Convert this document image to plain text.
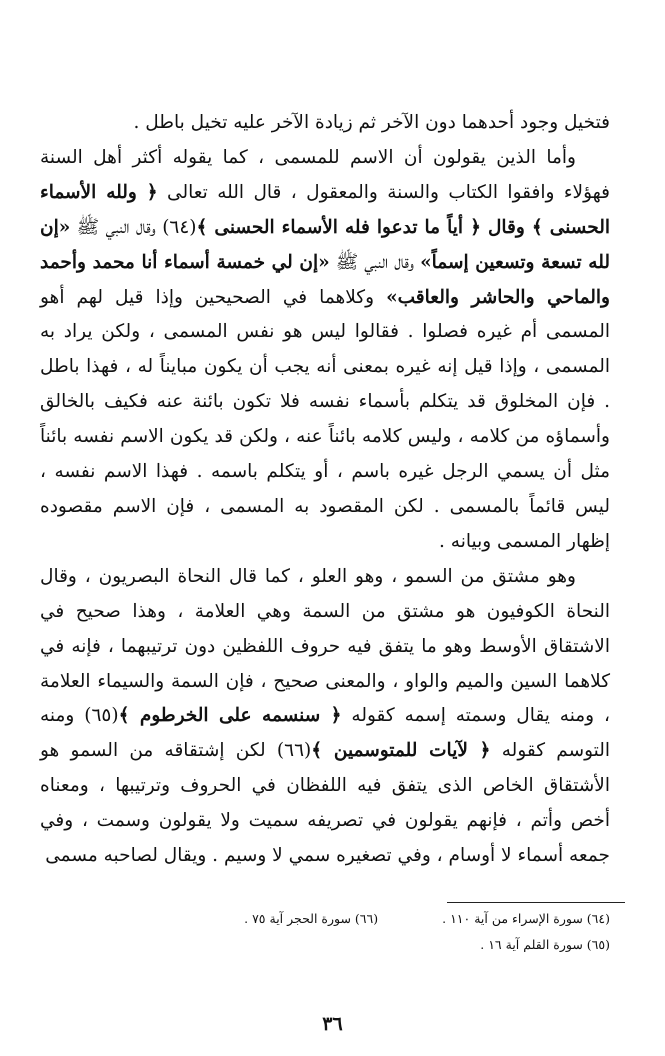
فتخيل وجود أحدهما دون الآخر ثم زيادة الآخر عليه تخيل باطل .

وأما الذين يقولون أن الاسم للمسمى ، كما يقوله أكثر أهل السنة فهؤلاء وافقوا الكتاب والسنة والمعقول ، قال الله تعالى ﴿ ولله الأسماء الحسنى ﴾ وقال ﴿ أياً ما تدعوا فله الأسماء الحسنى ﴾(٦٤) وقال النبي ﷺ «إن لله تسعة وتسعين إسماً» وقال النبي ﷺ «إن لي خمسة أسماء أنا محمد وأحمد والماحي والحاشر والعاقب» وكلاهما في الصحيحين وإذا قيل لهم أهو المسمى أم غيره فصلوا . فقالوا ليس هو نفس المسمى ، ولكن يراد به المسمى ، وإذا قيل إنه غيره بمعنى أنه يجب أن يكون مبايناً له ، فهذا باطل . فإن المخلوق قد يتكلم بأسماء نفسه فلا تكون بائنة عنه فكيف بالخالق وأسماؤه من كلامه ، وليس كلامه بائناً عنه ، ولكن قد يكون الاسم نفسه بائناً مثل أن يسمي الرجل غيره باسم ، أو يتكلم باسمه . فهذا الاسم نفسه ، ليس قائماً بالمسمى . لكن المقصود به المسمى ، فإن الاسم مقصوده إظهار المسمى وبيانه .

وهو مشتق من السمو ، وهو العلو ، كما قال النحاة البصريون ، وقال النحاة الكوفيون هو مشتق من السمة وهي العلامة ، وهذا صحيح في الاشتقاق الأوسط وهو ما يتفق فيه حروف اللفظين دون ترتيبهما ، فإنه في كلاهما السين والميم والواو ، والمعنى صحيح ، فإن السمة والسيماء العلامة ، ومنه يقال وسمته إسمه كقوله ﴿ سنسمه على الخرطوم ﴾(٦٥) ومنه التوسم كقوله ﴿ لآيات للمتوسمين ﴾(٦٦) لكن إشتقاقه من السمو هو الأشتقاق الخاص الذى يتفق فيه اللفظان في الحروف وترتيبها ، ومعناه أخص وأتم ، فإنهم يقولون في تصريفه سميت ولا يقولون وسمت ، وفي جمعه أسماء لا أوسام ، وفي تصغيره سمي لا وسيم . ويقال لصاحبه مسمى

(٦٤) سورة الإسراء من آية ١١٠ .
(٦٦) سورة الحجر آية ٧٥ .
(٦٥) سورة القلم آية ١٦ .
٣٦
